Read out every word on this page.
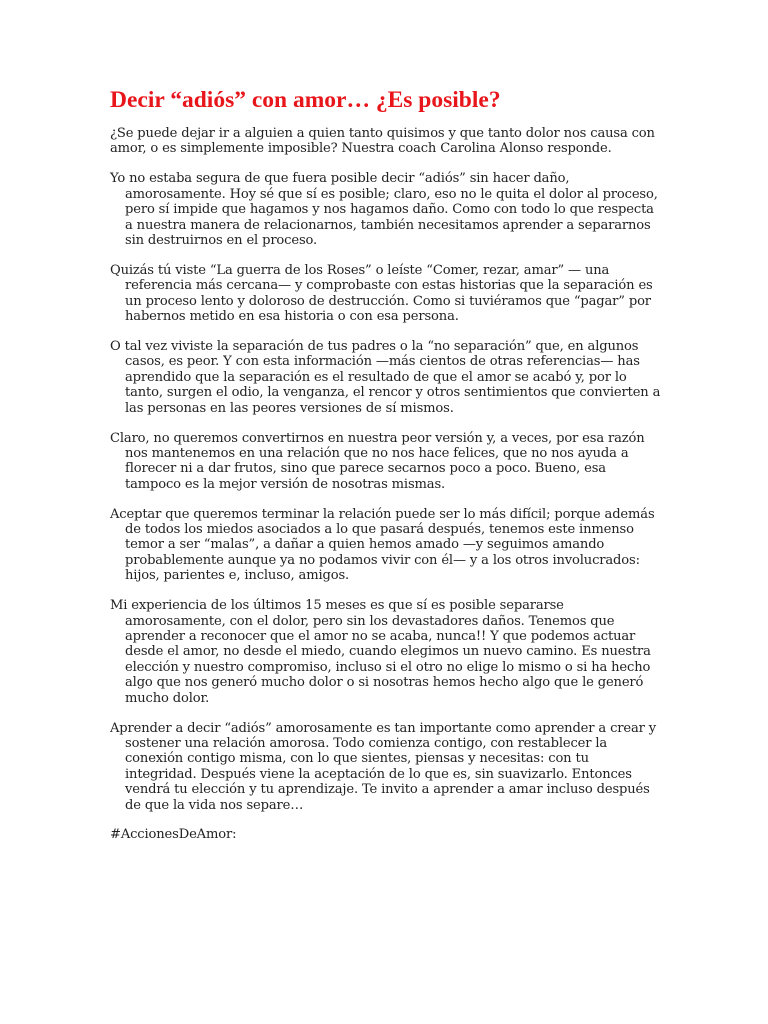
Decir “adiós” con amor… ¿Es posible?

¿Se puede dejar ir a alguien a quien tanto quisimos y que tanto dolor nos causa con amor, o es simplemente imposible? Nuestra coach Carolina Alonso responde.

Yo no estaba segura de que fuera posible decir “adiós” sin hacer daño, amorosamente. Hoy sé que sí es posible; claro, eso no le quita el dolor al proceso, pero sí impide que hagamos y nos hagamos daño. Como con todo lo que respecta a nuestra manera de relacionarnos, también necesitamos aprender a separarnos sin destruirnos en el proceso.

Quizás tú viste “La guerra de los Roses” o leíste “Comer, rezar, amar” — una referencia más cercana— y comprobaste con estas historias que la separación es un proceso lento y doloroso de destrucción. Como si tuviéramos que “pagar” por habernos metido en esa historia o con esa persona.

O tal vez viviste la separación de tus padres o la “no separación” que, en algunos casos, es peor. Y con esta información —más cientos de otras referencias— has aprendido que la separación es el resultado de que el amor se acabó y, por lo tanto, surgen el odio, la venganza, el rencor y otros sentimientos que convierten a las personas en las peores versiones de sí mismos.

Claro, no queremos convertirnos en nuestra peor versión y, a veces, por esa razón nos mantenemos en una relación que no nos hace felices, que no nos ayuda a florecer ni a dar frutos, sino que parece secarnos poco a poco. Bueno, esa tampoco es la mejor versión de nosotras mismas.

Aceptar que queremos terminar la relación puede ser lo más difícil; porque además de todos los miedos asociados a lo que pasará después, tenemos este inmenso temor a ser “malas”, a dañar a quien hemos amado —y seguimos amando probablemente aunque ya no podamos vivir con él— y a los otros involucrados: hijos, parientes e, incluso, amigos.

Mi experiencia de los últimos 15 meses es que sí es posible separarse amorosamente, con el dolor, pero sin los devastadores daños. Tenemos que aprender a reconocer que el amor no se acaba, nunca!! Y que podemos actuar desde el amor, no desde el miedo, cuando elegimos un nuevo camino. Es nuestra elección y nuestro compromiso, incluso si el otro no elige lo mismo o si ha hecho algo que nos generó mucho dolor o si nosotras hemos hecho algo que le generó mucho dolor.

Aprender a decir “adiós” amorosamente es tan importante como aprender a crear y sostener una relación amorosa. Todo comienza contigo, con restablecer la conexión contigo misma, con lo que sientes, piensas y necesitas: con tu integridad. Después viene la aceptación de lo que es, sin suavizarlo. Entonces vendrá tu elección y tu aprendizaje. Te invito a aprender a amar incluso después de que la vida nos separe…

#AccionesDeAmor:
